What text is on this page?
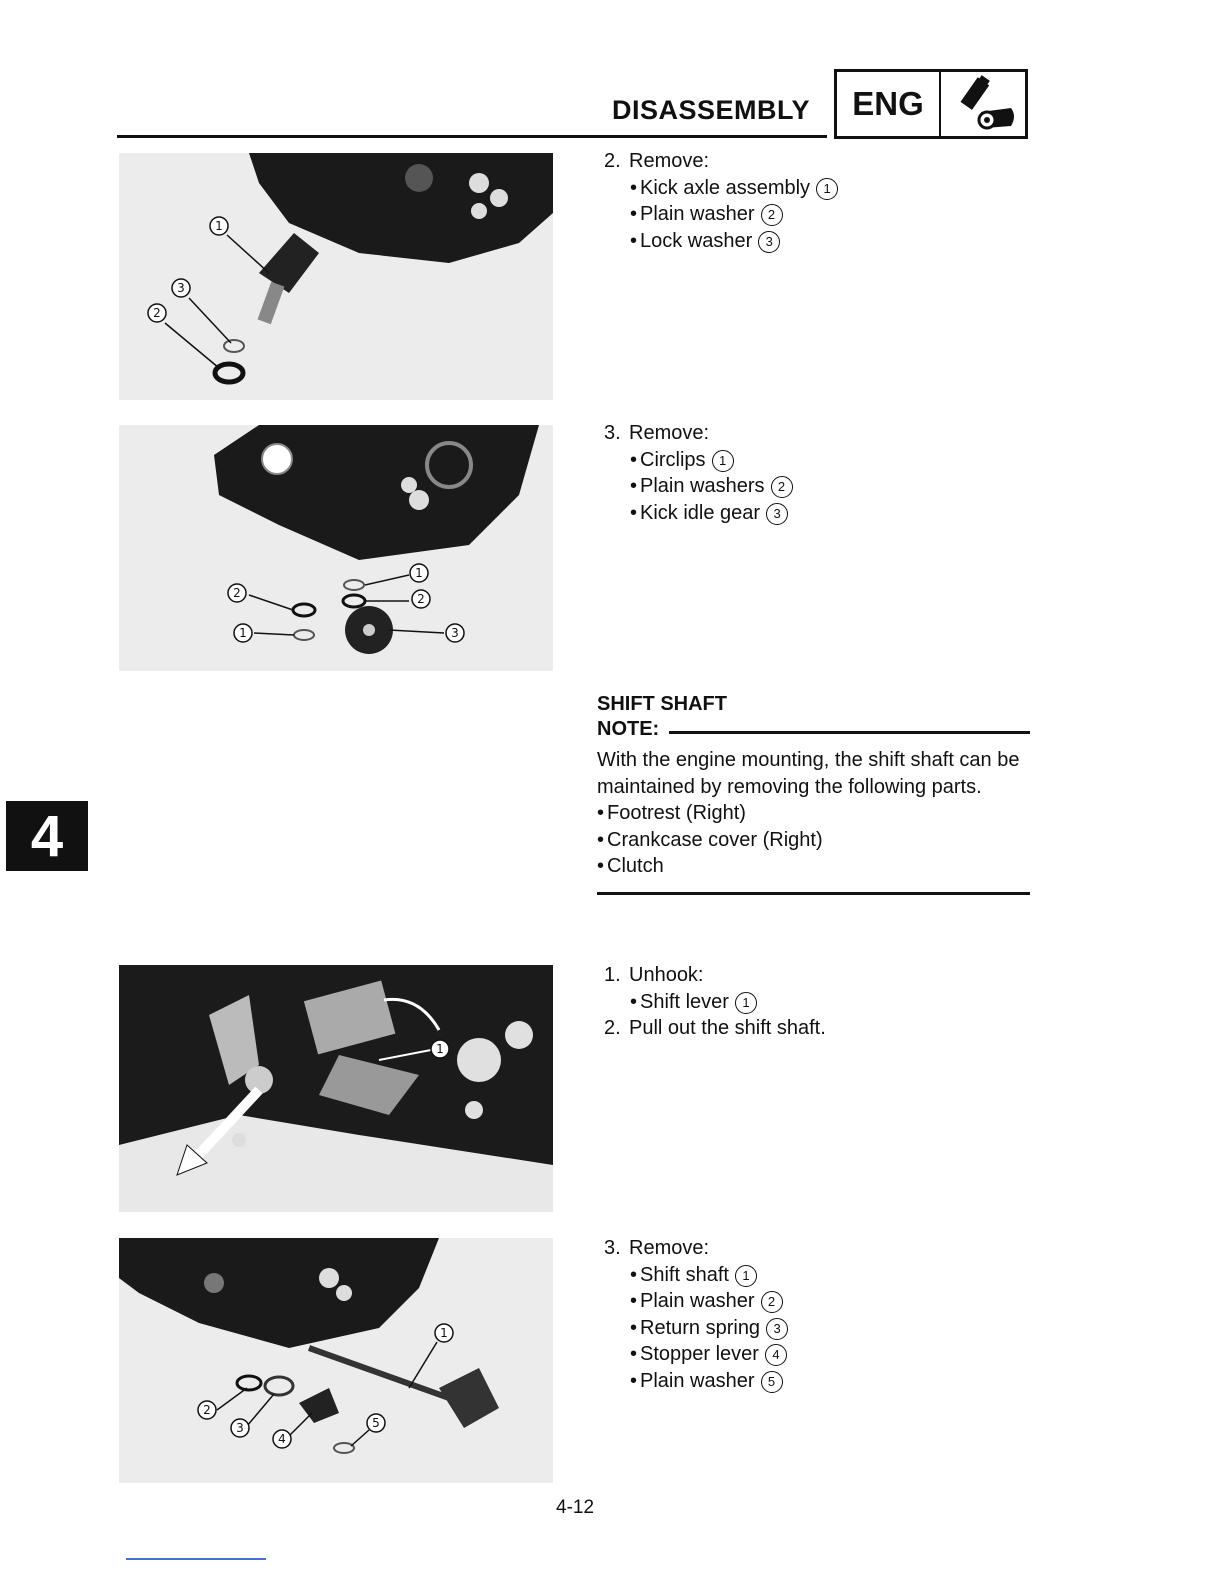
DISASSEMBLY	ENG
4
1
3
2
2. Remove:
• Kick axle assembly 1
• Plain washer 2
• Lock washer 3
1
2
2
3
1
3. Remove:
• Circlips 1
• Plain washers 2
• Kick idle gear 3
SHIFT SHAFT
NOTE:
With the engine mounting, the shift shaft can be maintained by removing the following parts.
• Footrest (Right)
• Crankcase cover (Right)
• Clutch
1
1. Unhook:
• Shift lever 1
2. Pull out the shift shaft.
1
2
3
4
5
3. Remove:
• Shift shaft 1
• Plain washer 2
• Return spring 3
• Stopper lever 4
• Plain washer 5
4-12
